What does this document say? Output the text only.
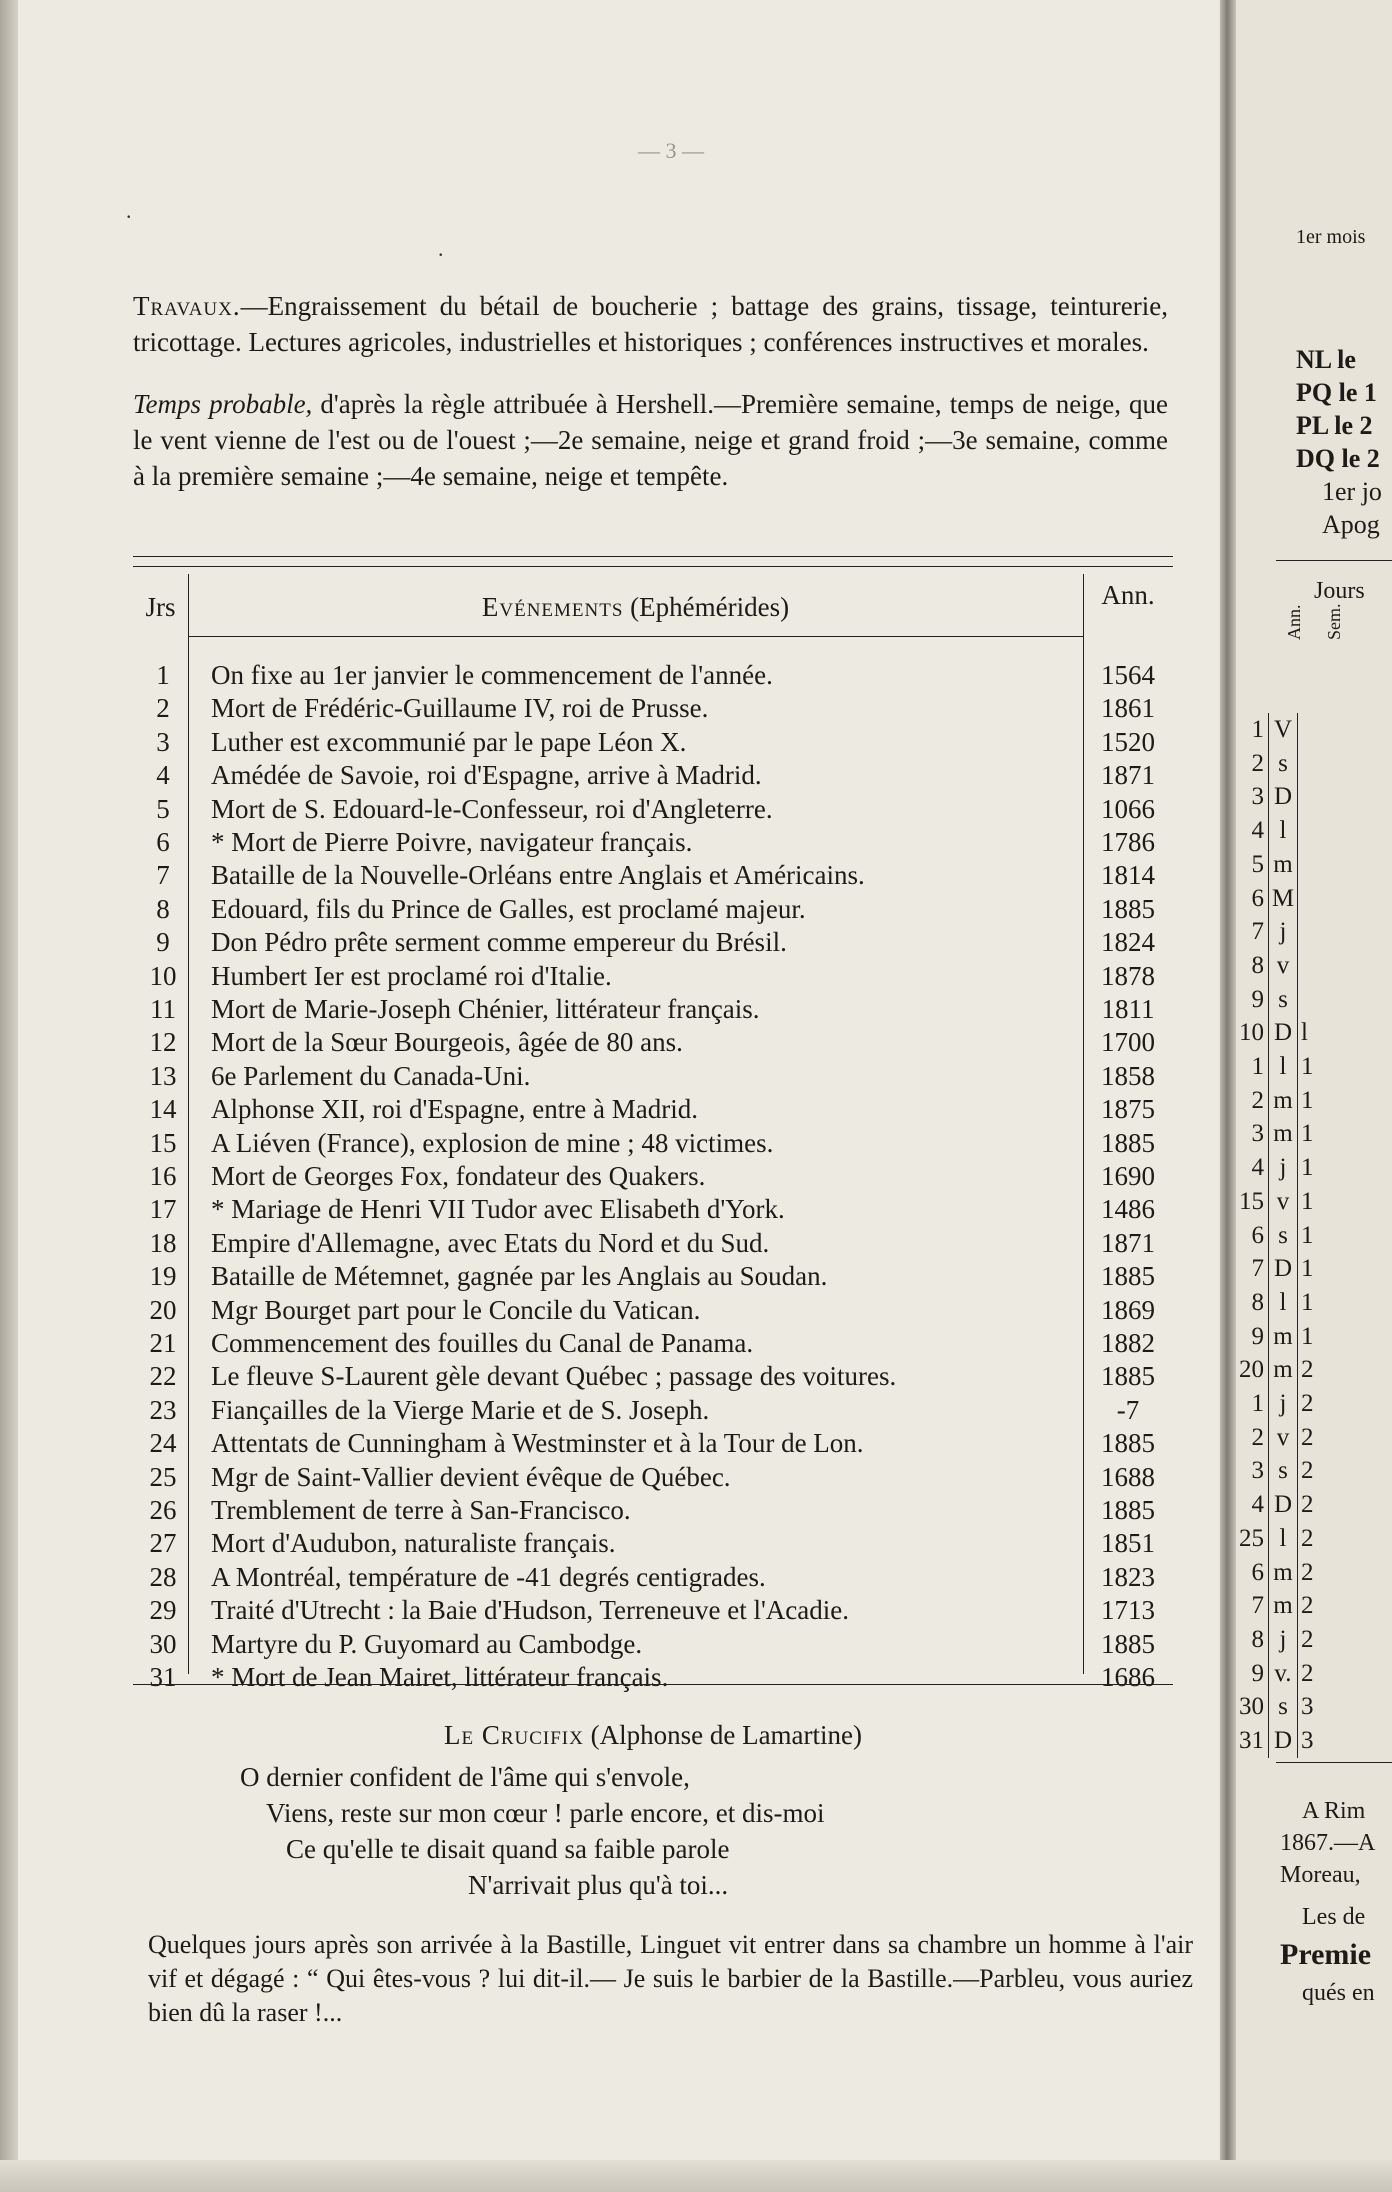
— 3 —
.
.
Travaux.—Engraissement du bétail de boucherie ; battage des grains, tissage, teinturerie, tricottage. Lectures agricoles, industrielles et historiques ; conférences instructives et morales.
Temps probable, d'après la règle attribuée à Hershell.—Première semaine, temps de neige, que le vent vienne de l'est ou de l'ouest ;—2e semaine, neige et grand froid ;—3e semaine, comme à la première semaine ;—4e semaine, neige et tempête.
Jrs	Evénements (Ephémérides)	Ann.
1	On fixe au 1er janvier le commencement de l'année.	1564
2	Mort de Frédéric-Guillaume IV, roi de Prusse.	1861
3	Luther est excommunié par le pape Léon X.	1520
4	Amédée de Savoie, roi d'Espagne, arrive à Madrid.	1871
5	Mort de S. Edouard-le-Confesseur, roi d'Angleterre.	1066
6	* Mort de Pierre Poivre, navigateur français.	1786
7	Bataille de la Nouvelle-Orléans entre Anglais et Américains.	1814
8	Edouard, fils du Prince de Galles, est proclamé majeur.	1885
9	Don Pédro prête serment comme empereur du Brésil.	1824
10	Humbert Ier est proclamé roi d'Italie.	1878
11	Mort de Marie-Joseph Chénier, littérateur français.	1811
12	Mort de la Sœur Bourgeois, âgée de 80 ans.	1700
13	6e Parlement du Canada-Uni.	1858
14	Alphonse XII, roi d'Espagne, entre à Madrid.	1875
15	A Liéven (France), explosion de mine ; 48 victimes.	1885
16	Mort de Georges Fox, fondateur des Quakers.	1690
17	* Mariage de Henri VII Tudor avec Elisabeth d'York.	1486
18	Empire d'Allemagne, avec Etats du Nord et du Sud.	1871
19	Bataille de Métemnet, gagnée par les Anglais au Soudan.	1885
20	Mgr Bourget part pour le Concile du Vatican.	1869
21	Commencement des fouilles du Canal de Panama.	1882
22	Le fleuve S-Laurent gèle devant Québec ; passage des voitures.	1885
23	Fiançailles de la Vierge Marie et de S. Joseph.	-7
24	Attentats de Cunningham à Westminster et à la Tour de Lon.	1885
25	Mgr de Saint-Vallier devient évêque de Québec.	1688
26	Tremblement de terre à San-Francisco.	1885
27	Mort d'Audubon, naturaliste français.	1851
28	A Montréal, température de -41 degrés centigrades.	1823
29	Traité d'Utrecht : la Baie d'Hudson, Terreneuve et l'Acadie.	1713
30	Martyre du P. Guyomard au Cambodge.	1885
31	* Mort de Jean Mairet, littérateur français.	1686
Le Crucifix (Alphonse de Lamartine)
O dernier confident de l'âme qui s'envole,
Viens, reste sur mon cœur ! parle encore, et dis-moi
Ce qu'elle te disait quand sa faible parole
N'arrivait plus qu'à toi...
Quelques jours après son arrivée à la Bastille, Linguet vit entrer dans sa chambre un homme à l'air vif et dégagé : “ Qui êtes-vous ? lui dit-il.— Je suis le barbier de la Bastille.—Parbleu, vous auriez bien dû la raser !...
1er mois
NL le
PQ le 1
PL le 2
DQ le 2
1er jo
Apog
Jours
Ann. Sem.
1 V
2 s
3 D
4 l
5 m
6 M
7 j
8 v
9 s
10 D l
1 l 1
2 m 1
3 m 1
4 j 1
15 v 1
6 s 1
7 D 1
8 l 1
9 m 1
20 m 2
1 j 2
2 v 2
3 s 2
4 D 2
25 l 2
6 m 2
7 m 2
8 j 2
9 v. 2
30 s 3
31 D 3
A Rim
1867.—A
Moreau,
Les de
Premie
qués en
